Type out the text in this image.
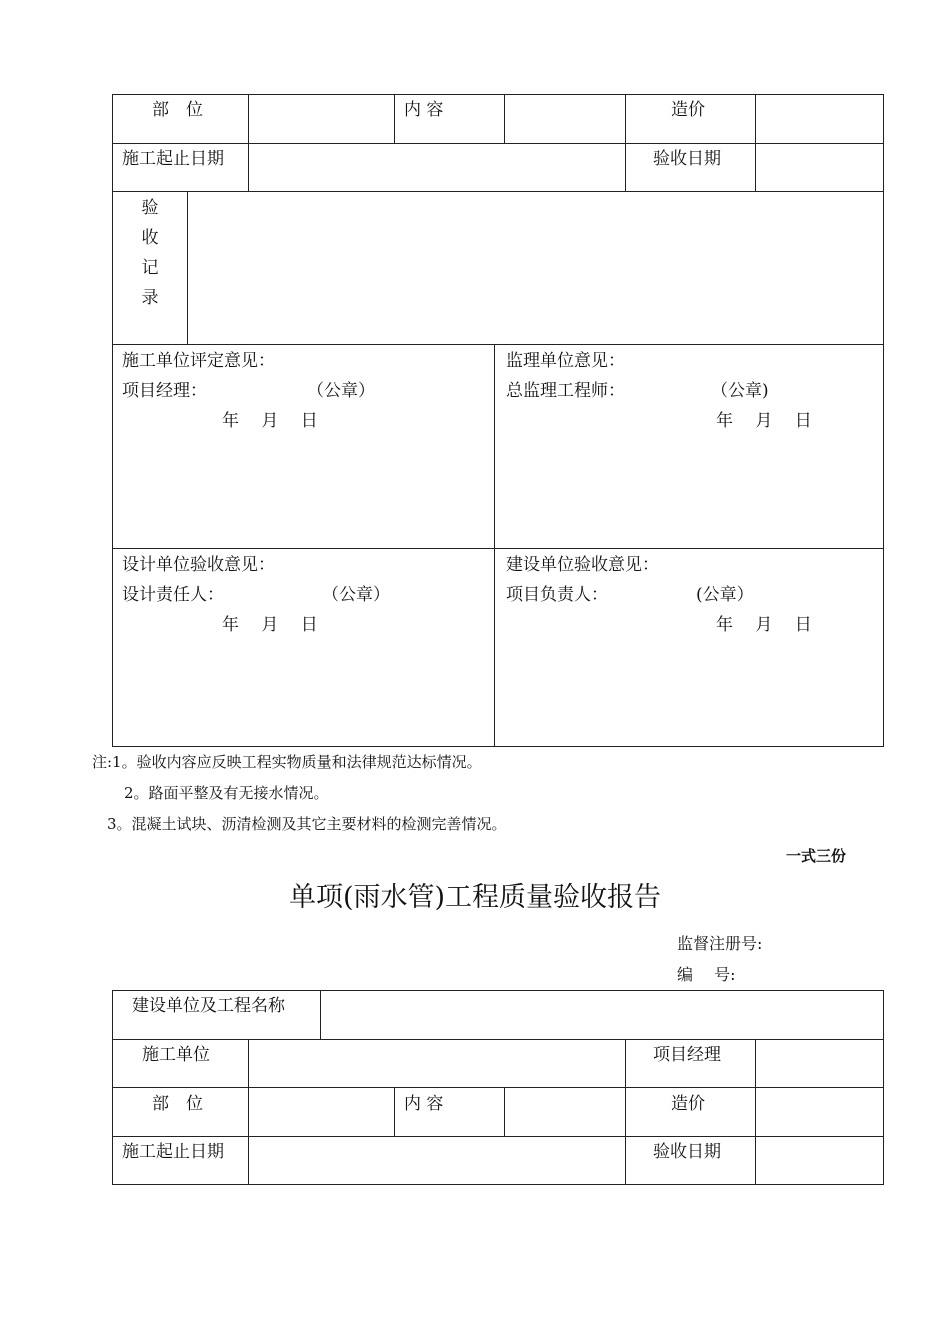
部　位	内 容	造价
施工起止日期	验收日期
验
收
记
录
施工单位评定意见：
项目经理：	（公章）
年　 月　 日
监理单位意见：
总监理工程师：	（公章)
年　 月　 日
设计单位验收意见：
设计责任人：	（公章）
年　 月　 日
建设单位验收意见：
项目负责人：	(公章）
年　 月　 日
注:1。验收内容应反映工程实物质量和法律规范达标情况。
2。路面平整及有无接水情况。
3。混凝土试块、沥清检测及其它主要材料的检测完善情况。
一式三份
单项(雨水管)工程质量验收报告
监督注册号:
编　 号:
建设单位及工程名称
施工单位	项目经理
部　位	内 容	造价
施工起止日期	验收日期
